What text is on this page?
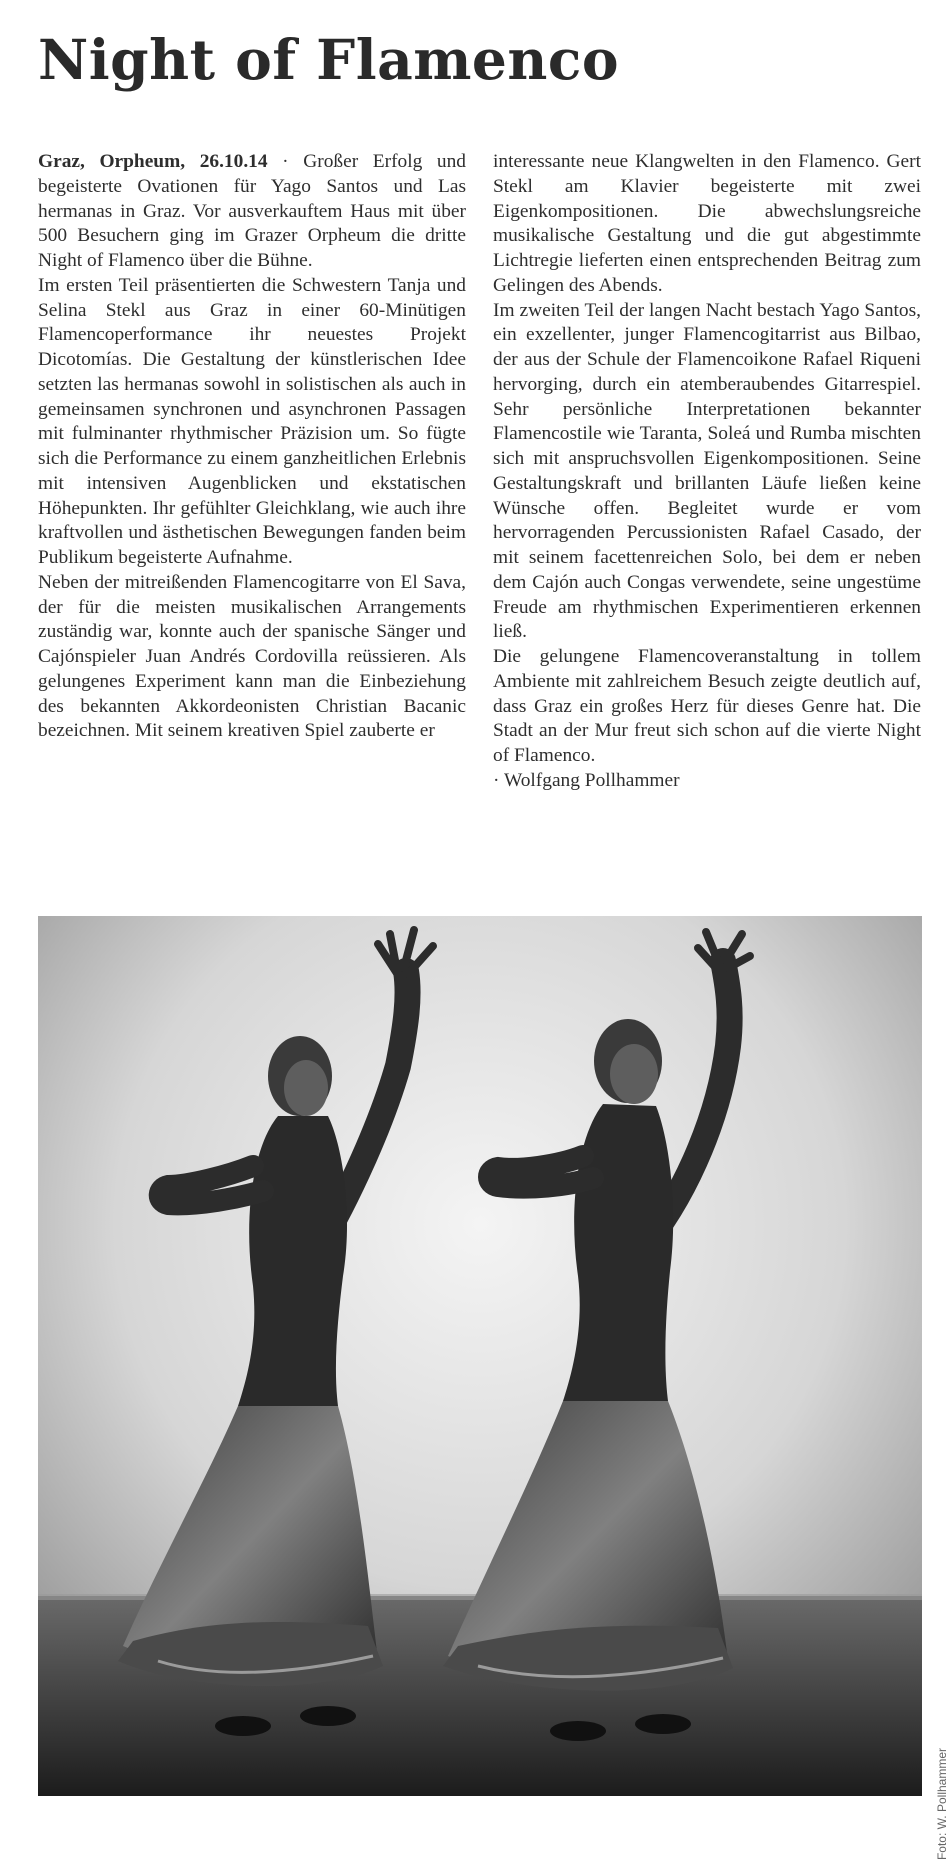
Night of Flamenco

Graz, Orpheum, 26.10.14 · Großer Erfolg und begeisterte Ovationen für Yago Santos und Las hermanas in Graz. Vor ausverkauftem Haus mit über 500 Besuchern ging im Grazer Orpheum die dritte Night of Flamenco über die Bühne.

Im ersten Teil präsentierten die Schwestern Tanja und Selina Stekl aus Graz in einer 60-Minütigen Flamencoperformance ihr neuestes Projekt Dicotomías. Die Gestaltung der künstlerischen Idee setzten las hermanas sowohl in solistischen als auch in gemeinsamen synchronen und asynchronen Passagen mit fulminanter rhythmischer Präzision um. So fügte sich die Performance zu einem ganzheitlichen Erlebnis mit intensiven Augenblicken und ekstatischen Höhepunkten. Ihr gefühlter Gleichklang, wie auch ihre kraftvollen und ästhetischen Bewegungen fanden beim Publikum begeisterte Aufnahme.

Neben der mitreißenden Flamencogitarre von El Sava, der für die meisten musikalischen Arrangements zuständig war, konnte auch der spanische Sänger und Cajónspieler Juan Andrés Cordovilla reüssieren. Als gelungenes Experiment kann man die Einbeziehung des bekannten Akkordeonisten Christian Bacanic bezeichnen. Mit seinem kreativen Spiel zauberte er

interessante neue Klangwelten in den Flamenco. Gert Stekl am Klavier begeisterte mit zwei Eigenkompositionen. Die abwechslungsreiche musikalische Gestaltung und die gut abgestimmte Lichtregie lieferten einen entsprechenden Beitrag zum Gelingen des Abends.

Im zweiten Teil der langen Nacht bestach Yago Santos, ein exzellenter, junger Flamencogitarrist aus Bilbao, der aus der Schule der Flamencoikone Rafael Riqueni hervorging, durch ein atemberaubendes Gitarrespiel. Sehr persönliche Interpretationen bekannter Flamencostile wie Taranta, Soleá und Rumba mischten sich mit anspruchsvollen Eigenkompositionen. Seine Gestaltungskraft und brillanten Läufe ließen keine Wünsche offen. Begleitet wurde er vom hervorragenden Percussionisten Rafael Casado, der mit seinem facettenreichen Solo, bei dem er neben dem Cajón auch Congas verwendete, seine ungestüme Freude am rhythmischen Experimentieren erkennen ließ.

Die gelungene Flamencoveranstaltung in tollem Ambiente mit zahlreichem Besuch zeigte deutlich auf, dass Graz ein großes Herz für dieses Genre hat. Die Stadt an der Mur freut sich schon auf die vierte Night of Flamenco.

· Wolfgang Pollhammer

Foto: W. Pollhammer
